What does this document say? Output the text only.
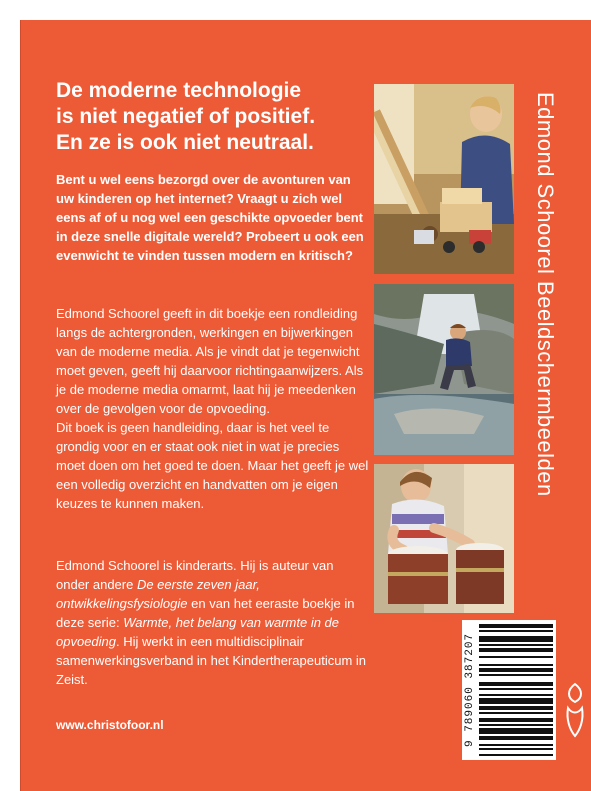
De moderne technologie
is niet negatief of positief.
En ze is ook niet neutraal.
Bent u wel eens bezorgd over de avonturen van uw kinderen op het internet? Vraagt u zich wel eens af of u nog wel een geschikte opvoeder bent in deze snelle digitale wereld? Probeert u ook een evenwicht te vinden tussen modern en kritisch?

Edmond Schoorel geeft in dit boekje een rondleiding langs de achtergronden, werkingen en bijwerkingen van de moderne media. Als je vindt dat je tegenwicht moet geven, geeft hij daarvoor richtingaanwijzers. Als je de moderne media omarmt, laat hij je meedenken over de gevolgen voor de opvoeding.

Dit boek is geen handleiding, daar is het veel te grondig voor en er staat ook niet in wat je precies moet doen om het goed te doen. Maar het geeft je wel een volledig overzicht en handvatten om je eigen keuzes te kunnen maken.

Edmond Schoorel is kinderarts. Hij is auteur van onder andere De eerste zeven jaar, ontwikkelingsfysiologie en van het eeraste boekje in deze serie: Warmte, het belang van warmte in de opvoeding. Hij werkt in een multidisciplinair samenwerkingsverband in het Kindertherapeuticum in Zeist.
www.christofoor.nl
Edmond Schoorel Beeldschermbeelden
9 789060 387207
